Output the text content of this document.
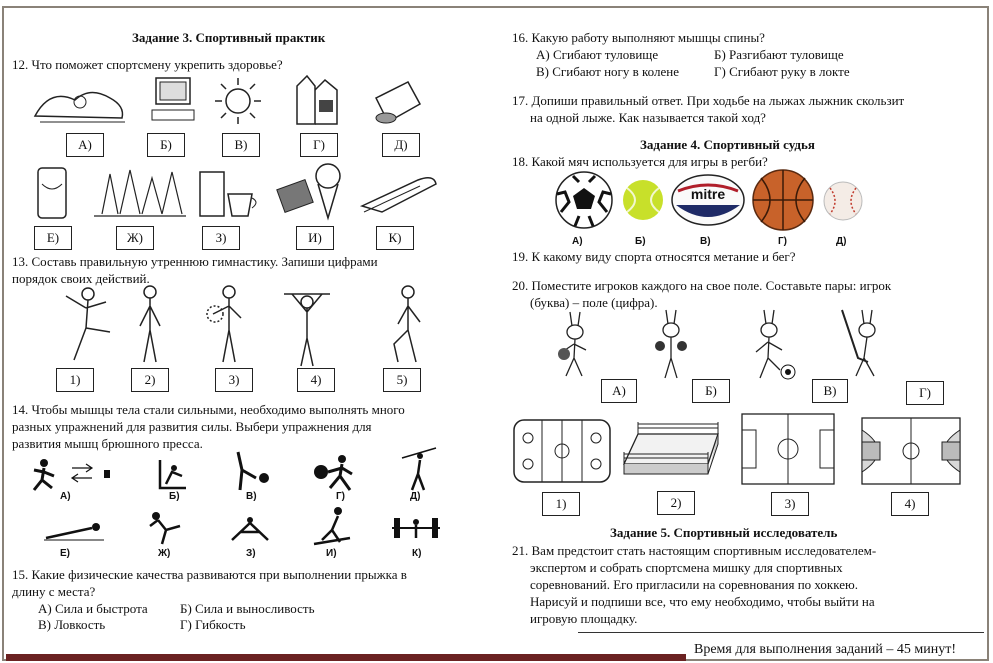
Задание 3. Спортивный практик
12. Что поможет спортсмену укрепить здоровье?
А)	Б)	В)	Г)	Д)
Е)	Ж)	З)	И)	К)
13. Составь правильную утреннюю гимнастику. Запиши цифрами
порядок своих действий.
1)	2)	3)	4)	5)
14. Чтобы мышцы тела стали сильными, необходимо выполнять много
разных упражнений для развития силы. Выбери упражнения для
развития мышц брюшного пресса.
А)	Б)	В)	Г)	Д)
Е)	Ж)	З)	И)	К)
15. Какие физические качества развиваются при выполнении прыжка в
длину с места?
А) Сила и быстрота Б) Сила и выносливость
В) Ловкость	Г) Гибкость
16. Какую работу выполняют мышцы спины?
А) Сгибают туловище	Б) Разгибают туловище
В) Сгибают ногу в колене	Г) Сгибают руку в локте
17. Допиши правильный ответ. При ходьбе на лыжах лыжник скользит
на одной лыже. Как называется такой ход?
Задание 4. Спортивный судья
18. Какой мяч используется для игры в регби?
mitre
А)	Б)	В)	Г)	Д)
19. К какому виду спорта относятся метание и бег?
20. Поместите игроков каждого на свое поле. Составьте пары: игрок
(буква) – поле (цифра).
А)	Б)	В)	Г)
1)	2)	3)	4)
Задание 5. Спортивный исследователь
21. Вам предстоит стать настоящим спортивным исследователем-
экспертом и собрать спортсмена мишку для спортивных
соревнований. Его пригласили на соревнования по хоккею.
Нарисуй и подпиши все, что ему необходимо, чтобы выйти на
игровую площадку.
Время для выполнения заданий – 45 минут!
